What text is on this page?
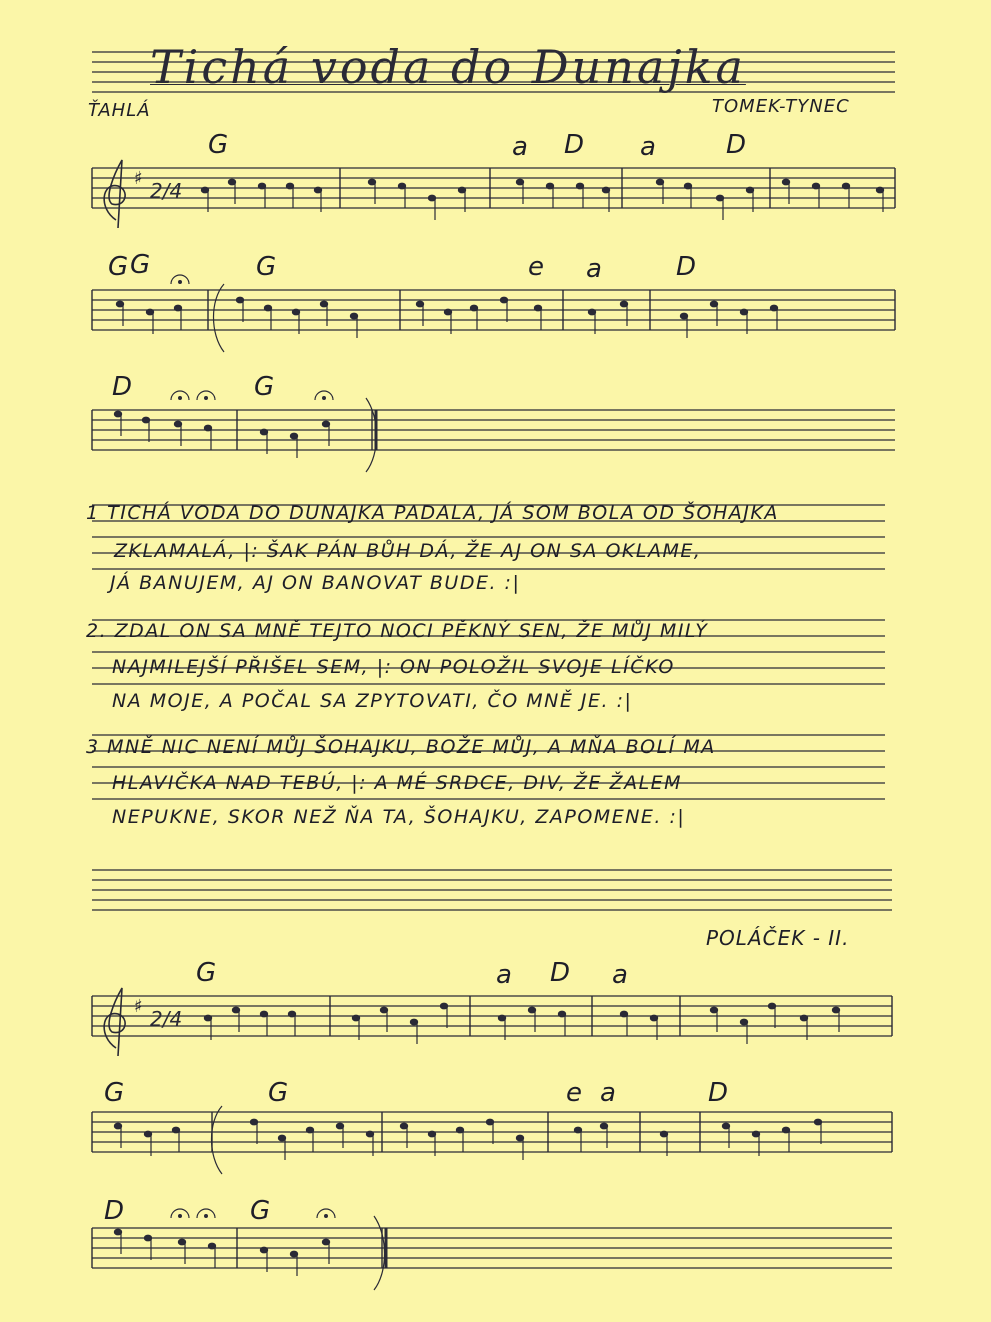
♯
2/4
♯
2/4
Tichá voda do Dunajka
ŤAHLÁ	TOMEK-TYNEC
G	a D a	D
G
G	G	e a	D
D	G
1 TICHÁ VODA DO DUNAJKA PADALA, JÁ SOM BOLA OD ŠOHAJKA
ZKLAMALÁ, |: ŠAK PÁN BŮH DÁ, ŽE AJ ON SA OKLAME,
JÁ BANUJEM, AJ ON BANOVAT BUDE. :|
2. ZDAL ON SA MNĚ TEJTO NOCI PĚKNÝ SEN, ŽE MŮJ MILÝ
NAJMILEJŠÍ PŘIŠEL SEM, |: ON POLOŽIL SVOJE LÍČKO
NA MOJE, A POČAL SA ZPYTOVATI, ČO MNĚ JE. :|
3 MNĚ NIC NENÍ MŮJ ŠOHAJKU, BOŽE MŮJ, A MŇA BOLÍ MA
HLAVIČKA NAD TEBÚ, |: A MÉ SRDCE, DIV, ŽE ŽALEM
NEPUKNE, SKOR NEŽ ŇA TA, ŠOHAJKU, ZAPOMENE. :|
POLÁČEK - II.
G	a D a
G	G	e a	D
D	G
